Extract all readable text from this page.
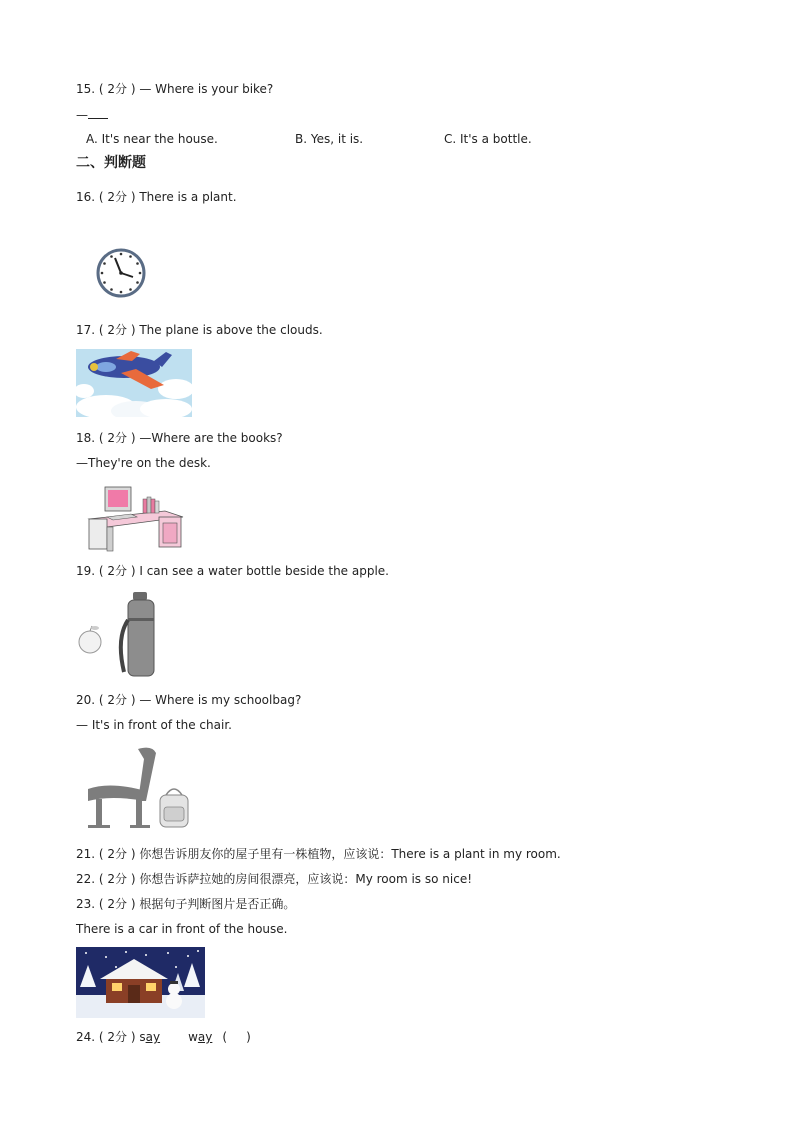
15. ( 2分 ) — Where is your bike?
—
A. It's near the house.	B. Yes, it is.	C. It's a bottle.
二、判断题
16. ( 2分 ) There is a plant.
17. ( 2分 ) The plane is above the clouds.
18. ( 2分 ) —Where are the books?
—They're on the desk.
19. ( 2分 ) I can see a water bottle beside the apple.
20. ( 2分 ) — Where is my schoolbag?
— It's in front of the chair.
21. ( 2分 ) 你想告诉朋友你的屋子里有一株植物，应该说：There is a plant in my room.
22. ( 2分 ) 你想告诉萨拉她的房间很漂亮，应该说：My room is so nice!
23. ( 2分 ) 根据句子判断图片是否正确。
There is a car in front of the house.
24. ( 2分 ) say way (     )
